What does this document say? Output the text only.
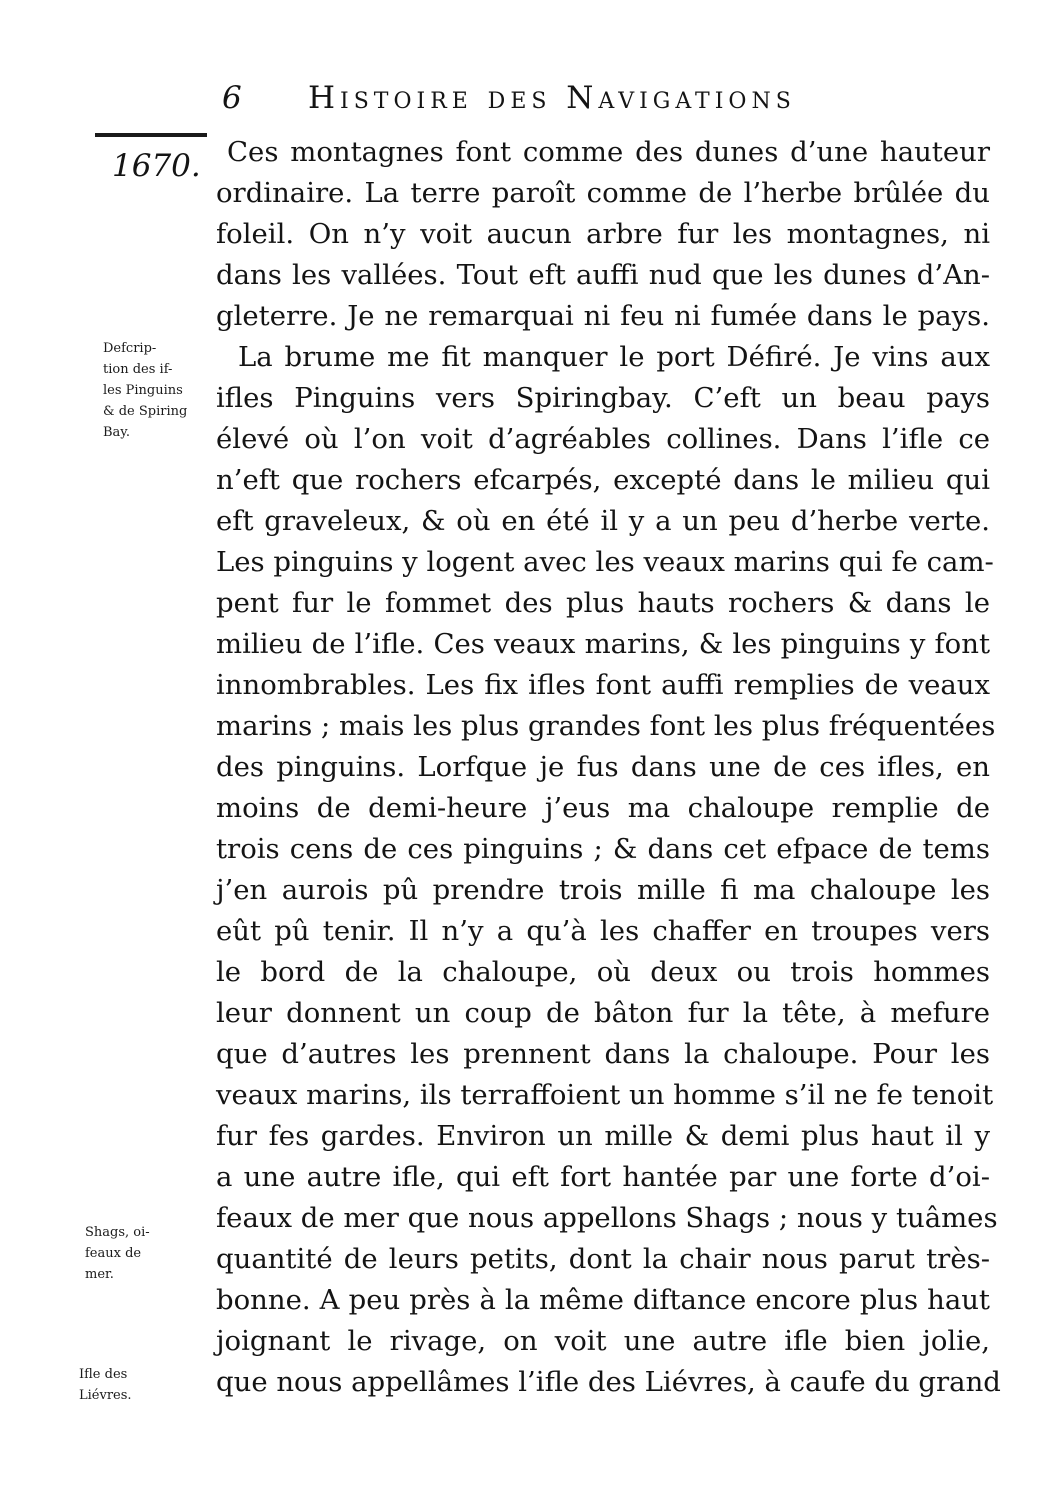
6 Histoire des Navigations
1670.
Defcrip-
tion des if-
les Pinguins
& de Spiring
Bay.
Shags, oi-
feaux de
mer.
Ifle des
Liévres.
Ces montagnes font comme des dunes d’une hauteur
ordinaire. La terre paroît comme de l’herbe brûlée du
foleil. On n’y voit aucun arbre fur les montagnes, ni
dans les vallées. Tout eft auffi nud que les dunes d’An-
gleterre. Je ne remarquai ni feu ni fumée dans le pays.
La brume me fit manquer le port Défiré. Je vins aux
ifles Pinguins vers Spiringbay. C’eft un beau pays
élevé où l’on voit d’agréables collines. Dans l’ifle ce
n’eft que rochers efcarpés, excepté dans le milieu qui
eft graveleux, & où en été il y a un peu d’herbe verte.
Les pinguins y logent avec les veaux marins qui fe cam-
pent fur le fommet des plus hauts rochers & dans le
milieu de l’ifle. Ces veaux marins, & les pinguins y font
innombrables. Les fix ifles font auffi remplies de veaux
marins ; mais les plus grandes font les plus fréquentées
des pinguins. Lorfque je fus dans une de ces ifles, en
moins de demi-heure j’eus ma chaloupe remplie de
trois cens de ces pinguins ; & dans cet efpace de tems
j’en aurois pû prendre trois mille fi ma chaloupe les
eût pû tenir. Il n’y a qu’à les chaffer en troupes vers
le bord de la chaloupe, où deux ou trois hommes
leur donnent un coup de bâton fur la tête, à mefure
que d’autres les prennent dans la chaloupe. Pour les
veaux marins, ils terraffoient un homme s’il ne fe tenoit
fur fes gardes. Environ un mille & demi plus haut il y
a une autre ifle, qui eft fort hantée par une forte d’oi-
feaux de mer que nous appellons Shags ; nous y tuâmes
quantité de leurs petits, dont la chair nous parut très-
bonne. A peu près à la même diftance encore plus haut
joignant le rivage, on voit une autre ifle bien jolie,
que nous appellâmes l’ifle des Liévres, à caufe du grand
